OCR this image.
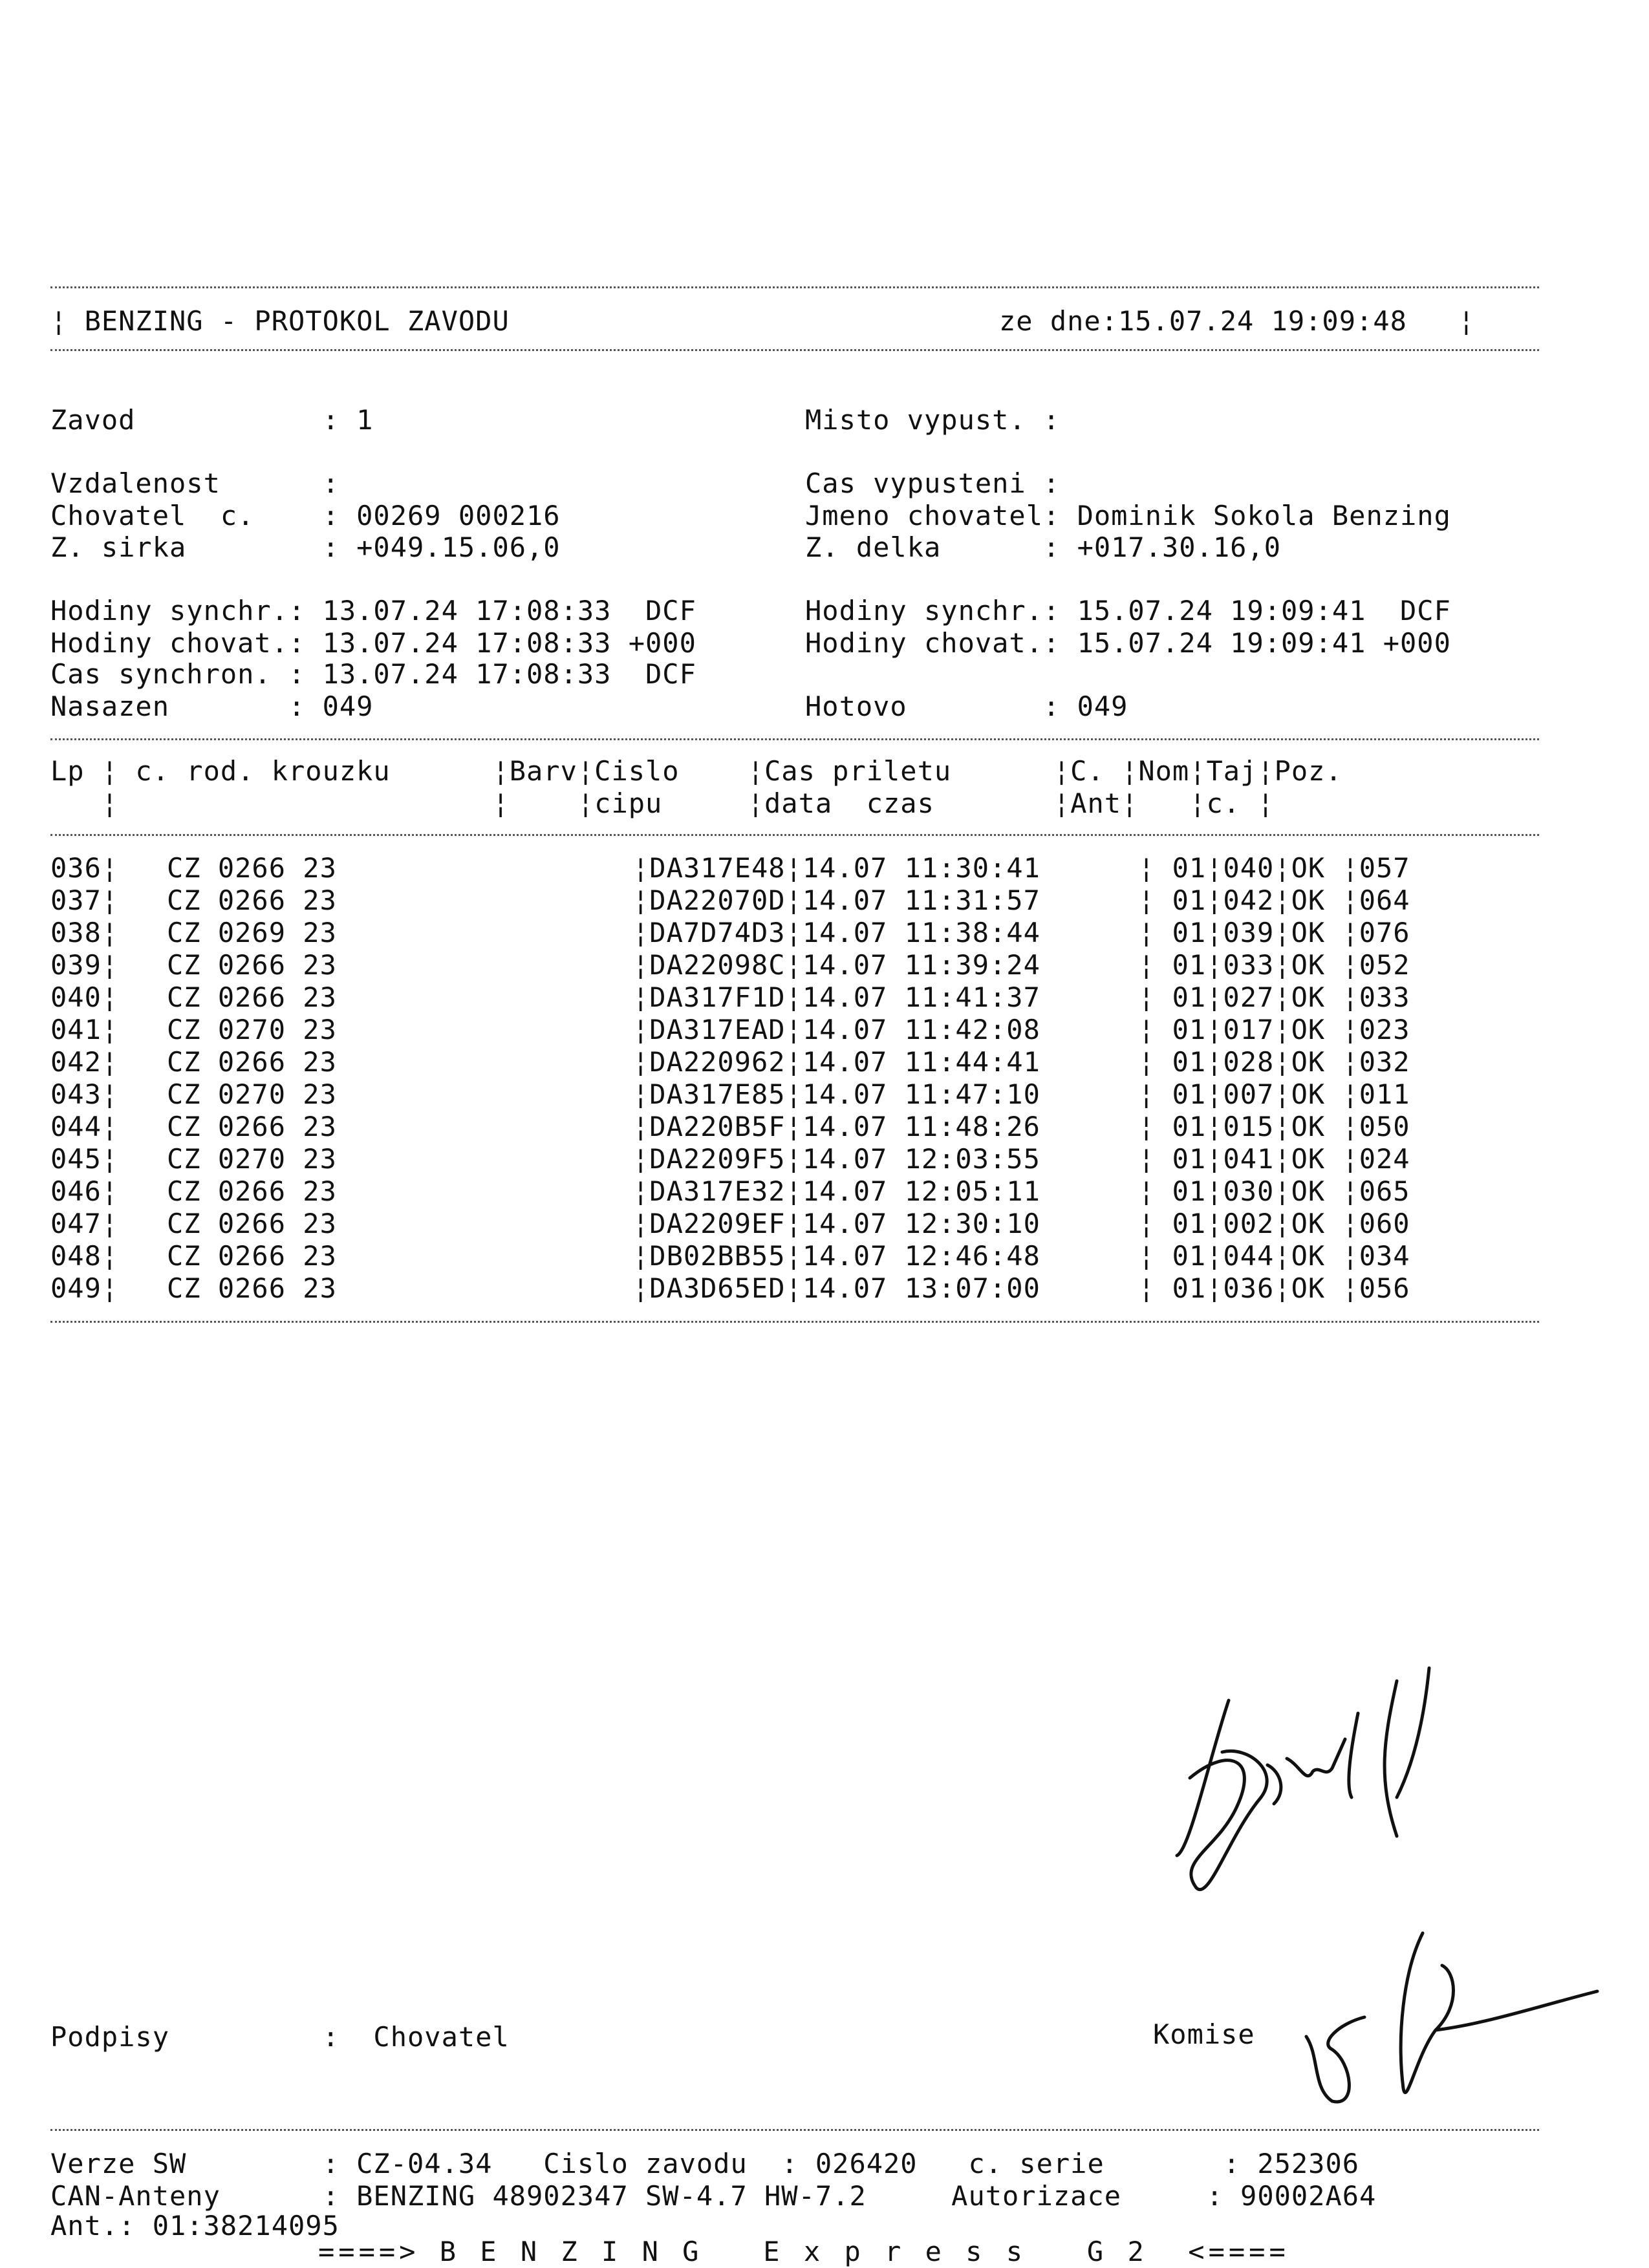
¦ BENZING - PROTOKOL ZAVODU	ze dne:15.07.24 19:09:48   ¦
Zavod           : 1	Misto vypust. :
Vzdalenost      :	Cas vypusteni :
Chovatel  c.    : 00269 000216	Jmeno chovatel: Dominik Sokola Benzing
Z. sirka        : +049.15.06,0	Z. delka      : +017.30.16,0
Hodiny synchr.: 13.07.24 17:08:33  DCF	Hodiny synchr.: 15.07.24 19:09:41  DCF
Hodiny chovat.: 13.07.24 17:08:33 +000	Hodiny chovat.: 15.07.24 19:09:41 +000
Cas synchron. : 13.07.24 17:08:33  DCF
Nasazen       : 049	Hotovo        : 049
Lp ¦ c. rod. krouzku      ¦Barv¦Cislo    ¦Cas priletu      ¦C. ¦Nom¦Taj¦Poz.
¦                      ¦    ¦cipu     ¦data  czas       ¦Ant¦   ¦c. ¦
036¦ CZ 0266 23	¦DA317E48¦14.07 11:30:41	¦ 01¦040¦OK ¦057
037¦ CZ 0266 23	¦DA22070D¦14.07 11:31:57	¦ 01¦042¦OK ¦064
038¦ CZ 0269 23	¦DA7D74D3¦14.07 11:38:44	¦ 01¦039¦OK ¦076
039¦ CZ 0266 23	¦DA22098C¦14.07 11:39:24	¦ 01¦033¦OK ¦052
040¦ CZ 0266 23	¦DA317F1D¦14.07 11:41:37	¦ 01¦027¦OK ¦033
041¦ CZ 0270 23	¦DA317EAD¦14.07 11:42:08	¦ 01¦017¦OK ¦023
042¦ CZ 0266 23	¦DA220962¦14.07 11:44:41	¦ 01¦028¦OK ¦032
043¦ CZ 0270 23	¦DA317E85¦14.07 11:47:10	¦ 01¦007¦OK ¦011
044¦ CZ 0266 23	¦DA220B5F¦14.07 11:48:26	¦ 01¦015¦OK ¦050
045¦ CZ 0270 23	¦DA2209F5¦14.07 12:03:55	¦ 01¦041¦OK ¦024
046¦ CZ 0266 23	¦DA317E32¦14.07 12:05:11	¦ 01¦030¦OK ¦065
047¦ CZ 0266 23	¦DA2209EF¦14.07 12:30:10	¦ 01¦002¦OK ¦060
048¦ CZ 0266 23	¦DB02BB55¦14.07 12:46:48	¦ 01¦044¦OK ¦034
049¦ CZ 0266 23	¦DA3D65ED¦14.07 13:07:00	¦ 01¦036¦OK ¦056
Podpisy         :  Chovatel	Komise
Verze SW        : CZ-04.34   Cislo zavodu  : 026420   c. serie       : 252306
CAN-Anteny      : BENZING 48902347 SW-4.7 HW-7.2     Autorizace     : 90002A64
Ant.: 01:38214095
====> B E N Z I N G   E x p r e s s   G 2  <====
